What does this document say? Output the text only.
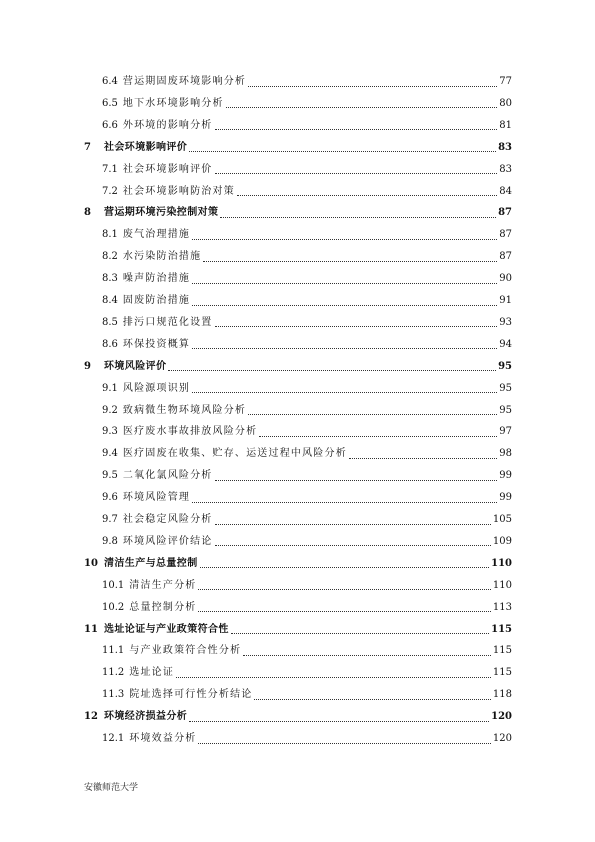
6.4 营运期固废环境影响分析	77
6.5 地下水环境影响分析	80
6.6 外环境的影响分析	81
7	社会环境影响评价	83
7.1 社会环境影响评价	83
7.2 社会环境影响防治对策	84
8	营运期环境污染控制对策	87
8.1 废气治理措施	87
8.2 水污染防治措施	87
8.3 噪声防治措施	90
8.4 固废防治措施	91
8.5 排污口规范化设置	93
8.6 环保投资概算	94
9	环境风险评价	95
9.1 风险源项识别	95
9.2 致病微生物环境风险分析	95
9.3 医疗废水事故排放风险分析	97
9.4 医疗固废在收集、贮存、运送过程中风险分析	98
9.5 二氧化氯风险分析	99
9.6 环境风险管理	99
9.7 社会稳定风险分析	105
9.8 环境风险评价结论	109
10 清洁生产与总量控制	110
10.1 清洁生产分析	110
10.2 总量控制分析	113
11 选址论证与产业政策符合性	115
11.1 与产业政策符合性分析	115
11.2 选址论证	115
11.3 院址选择可行性分析结论	118
12 环境经济损益分析	120
12.1 环境效益分析	120
安徽师范大学
